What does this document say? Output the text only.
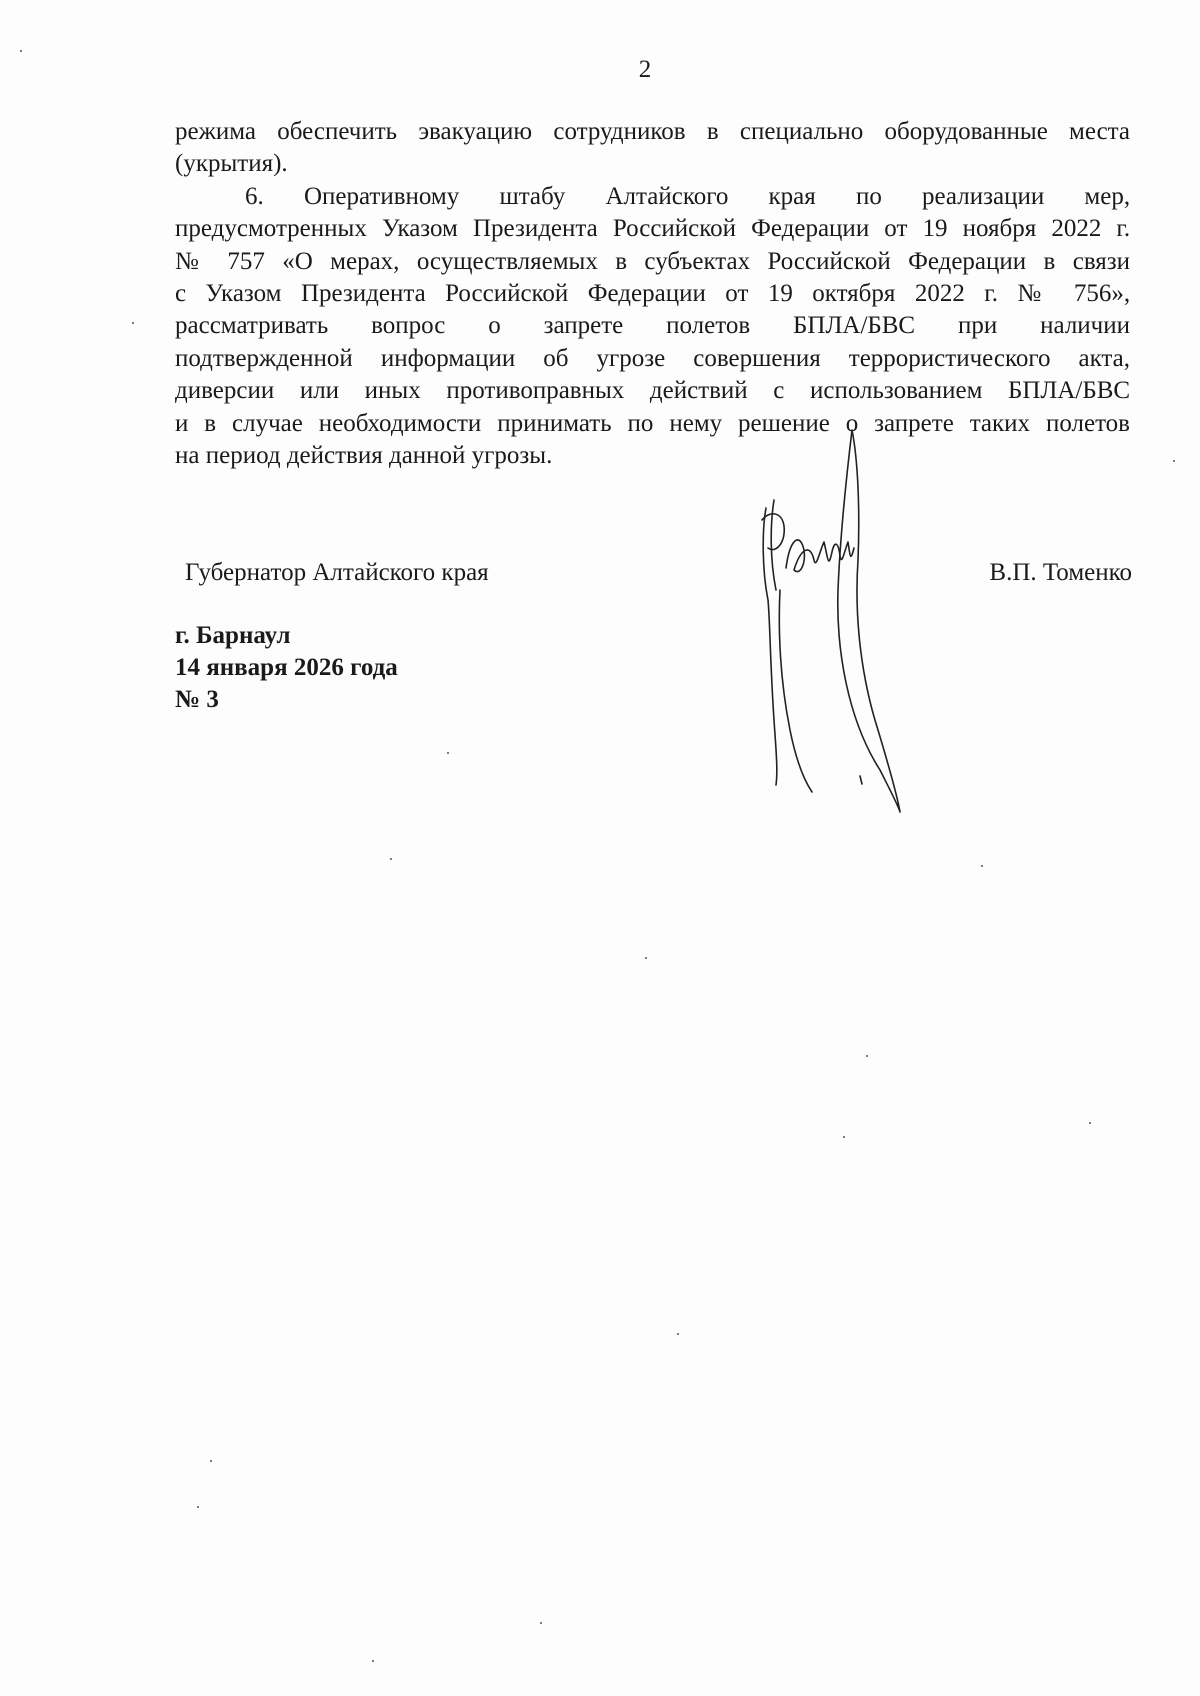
2

режима обеспечить эвакуацию сотрудников в специально оборудованные места
(укрытия).

6. Оперативному штабу Алтайского края по реализации мер,
предусмотренных Указом Президента Российской Федерации от 19 ноября 2022 г.
№ 757 «О мерах, осуществляемых в субъектах Российской Федерации в связи
с Указом Президента Российской Федерации от 19 октября 2022 г. № 756»,
рассматривать вопрос о запрете полетов БПЛА/БВС при наличии
подтвержденной информации об угрозе совершения террористического акта,
диверсии или иных противоправных действий с использованием БПЛА/БВС
и в случае необходимости принимать по нему решение о запрете таких полетов
на период действия данной угрозы.

Губернатор Алтайского края	В.П. Томенко
г. Барнаул
14 января 2026 года
№ 3
